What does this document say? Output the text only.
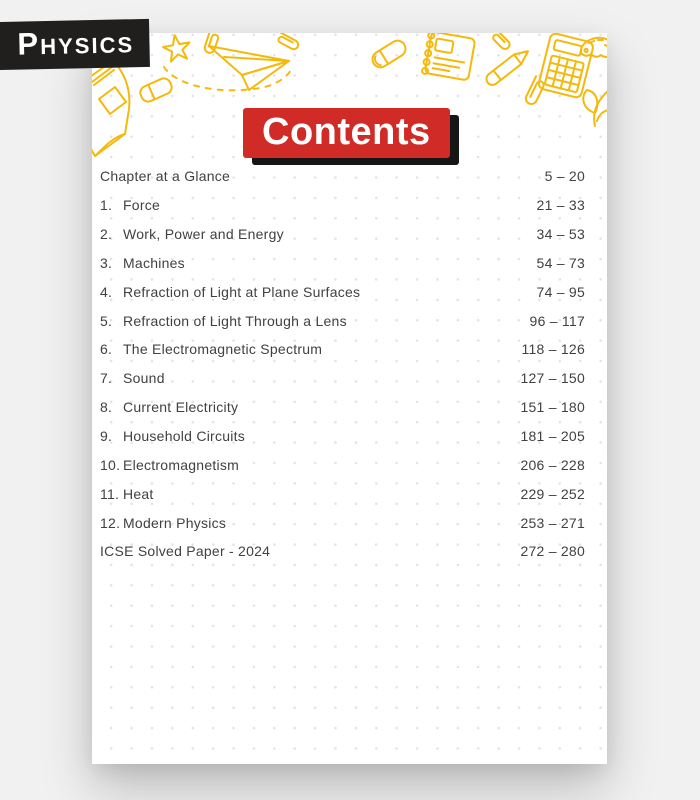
Contents
Chapter at a Glance	5 – 20
1. Force	21 – 33
2. Work, Power and Energy	34 – 53
3. Machines	54 – 73
4. Refraction of Light at Plane Surfaces	74 – 95
5. Refraction of Light Through a Lens	96 – 117
6. The Electromagnetic Spectrum	118 – 126
7. Sound	127 – 150
8. Current Electricity	151 – 180
9. Household Circuits	181 – 205
10. Electromagnetism	206 – 228
11. Heat	229 – 252
12. Modern Physics	253 – 271
ICSE Solved Paper - 2024	272 – 280
Physics
